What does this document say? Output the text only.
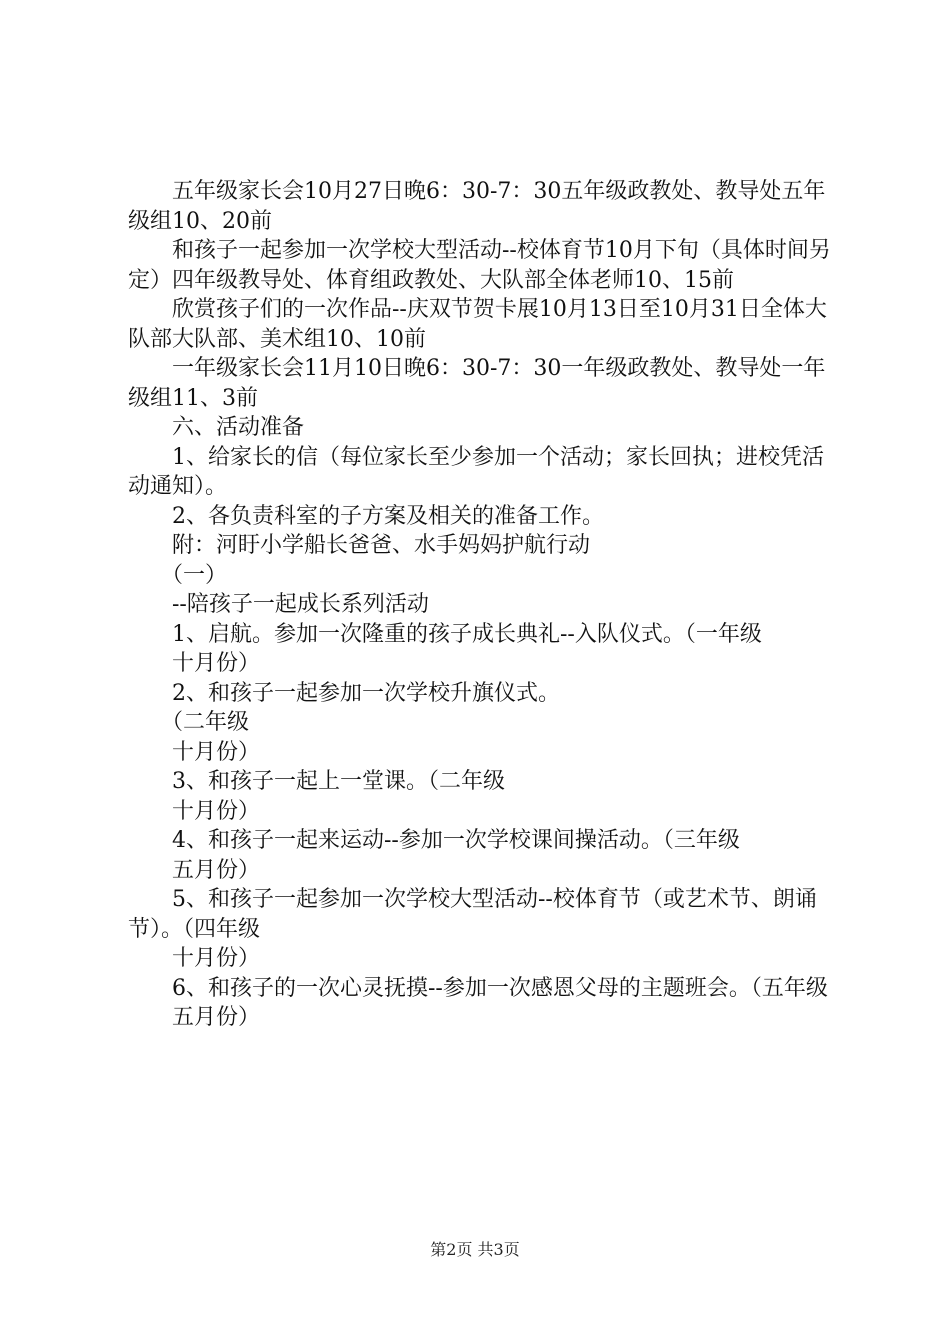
　　五年级家长会10月27日晚6：30-7：30五年级政教处、教导处五年级组10、20前

　　和孩子一起参加一次学校大型活动--校体育节10月下旬（具体时间另定）四年级教导处、体育组政教处、大队部全体老师10、15前

　　欣赏孩子们的一次作品--庆双节贺卡展10月13日至10月31日全体大队部大队部、美术组10、10前

　　一年级家长会11月10日晚6：30-7：30一年级政教处、教导处一年级组11、3前

　　六、活动准备

　　1、给家长的信（每位家长至少参加一个活动；家长回执；进校凭活动通知）。

　　2、各负责科室的子方案及相关的准备工作。

　　附：河盱小学船长爸爸、水手妈妈护航行动

　　（一）

　　--陪孩子一起成长系列活动

　　1、启航。参加一次隆重的孩子成长典礼--入队仪式。（一年级

　　十月份）

　　2、和孩子一起参加一次学校升旗仪式。

　　（二年级

　　十月份）

　　3、和孩子一起上一堂课。（二年级

　　十月份）

　　4、和孩子一起来运动--参加一次学校课间操活动。（三年级

　　五月份）

　　5、和孩子一起参加一次学校大型活动--校体育节（或艺术节、朗诵节）。（四年级

　　十月份）

　　6、和孩子的一次心灵抚摸--参加一次感恩父母的主题班会。（五年级

　　五月份）

第2页 共3页
